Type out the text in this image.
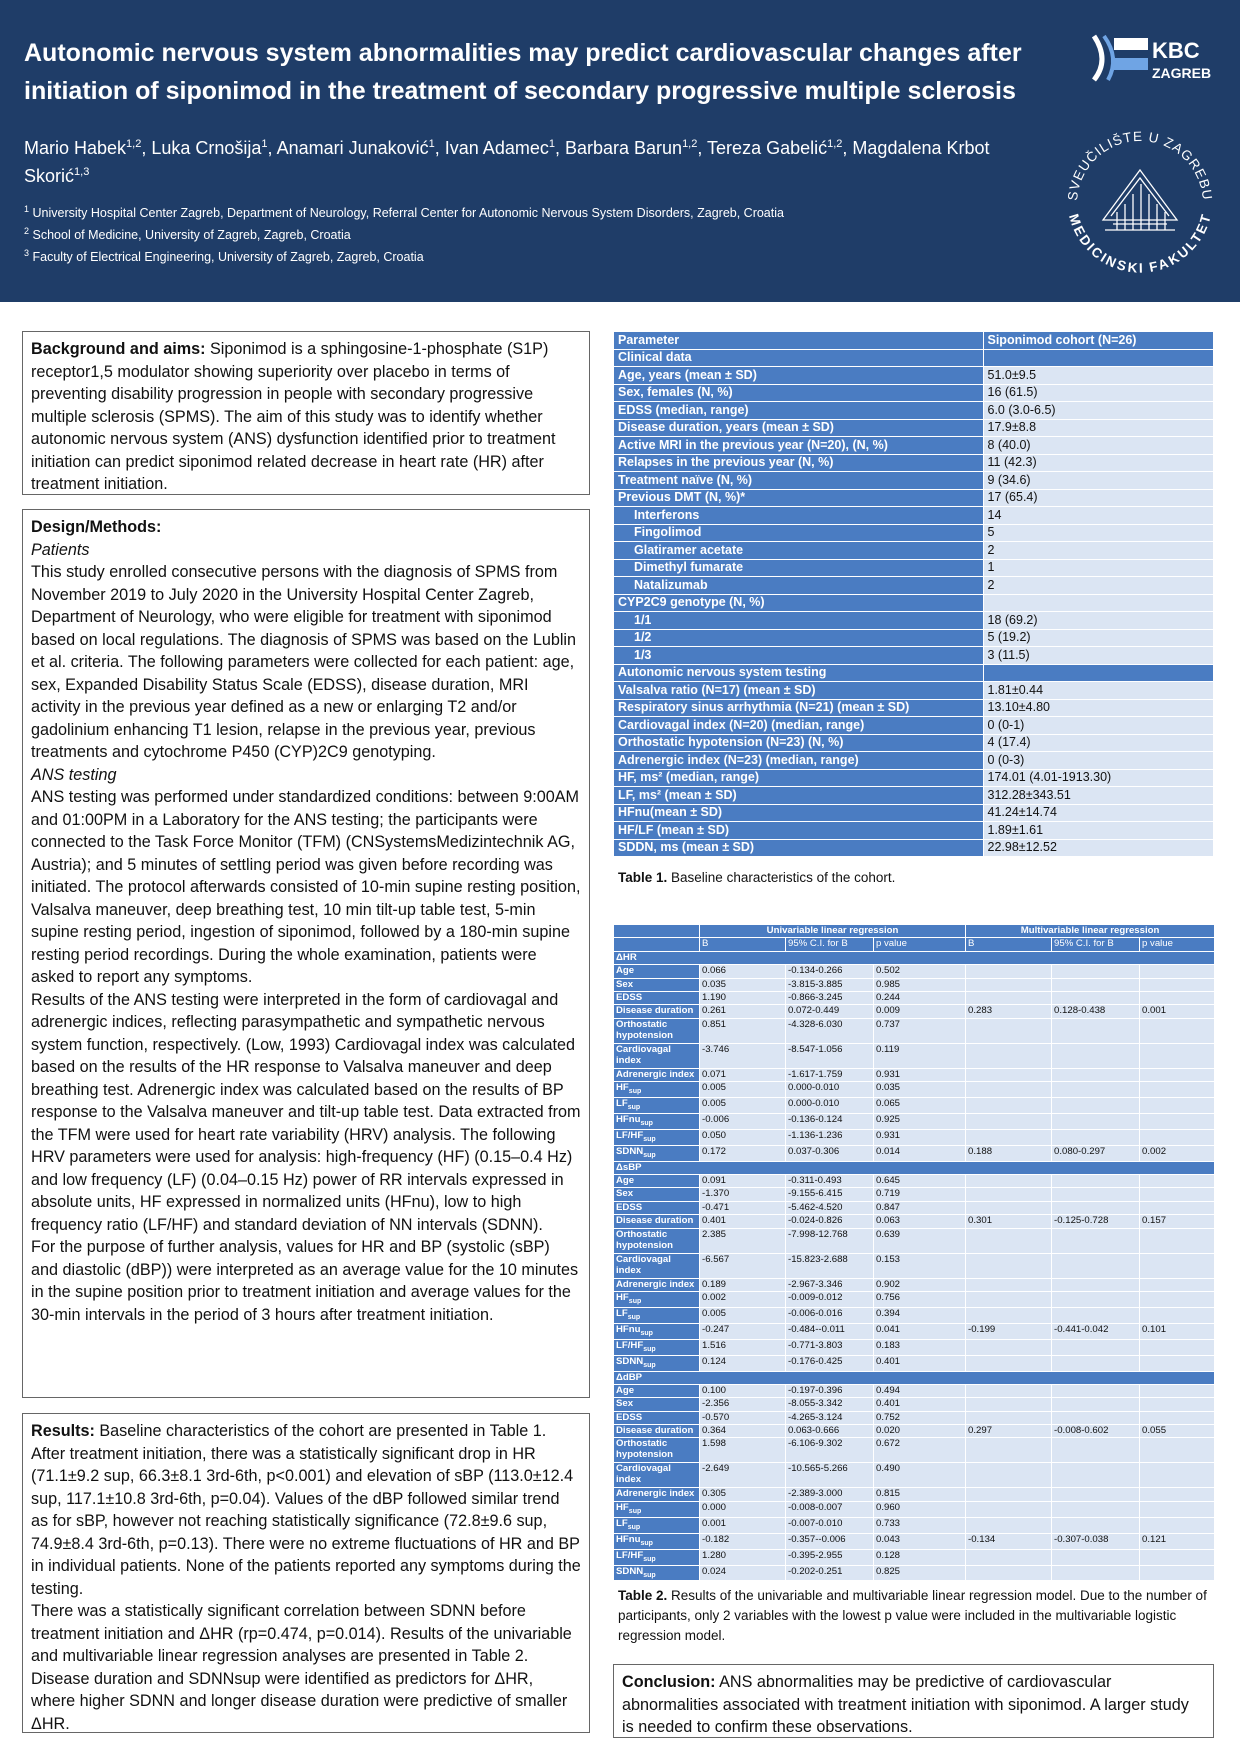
Autonomic nervous system abnormalities may predict cardiovascular changes after initiation of siponimod in the treatment of secondary progressive multiple sclerosis
Mario Habek$^{1,2}$, Luka Crnošija$^1$, Anamari Junaković$^1$, Ivan Adamec$^1$, Barbara Barun$^{1,2}$, Tereza Gabelić$^{1,2}$, Magdalena Krbot Skorić$^{1,3}$

$^1$ University Hospital Center Zagreb, Department of Neurology, Referral Center for Autonomic Nervous System Disorders, Zagreb, Croatia

$^2$ School of Medicine, University of Zagreb, Zagreb, Croatia

$^3$ Faculty of Electrical Engineering, University of Zagreb, Zagreb, Croatia

KBC
ZAGREB
SVEUČILIŠTE U ZAGREBU
MEDICINSKI FAKULTET

Background and aims: Siponimod is a sphingosine-1-phosphate (S1P) receptor1,5 modulator showing superiority over placebo in terms of preventing disability progression in people with secondary progressive multiple sclerosis (SPMS). The aim of this study was to identify whether autonomic nervous system (ANS) dysfunction identified prior to treatment initiation can predict siponimod related decrease in heart rate (HR) after treatment initiation.

Design/Methods:

Patients

This study enrolled consecutive persons with the diagnosis of SPMS from November 2019 to July 2020 in the University Hospital Center Zagreb, Department of Neurology, who were eligible for treatment with siponimod based on local regulations. The diagnosis of SPMS was based on the Lublin et al. criteria. The following parameters were collected for each patient: age, sex, Expanded Disability Status Scale (EDSS), disease duration, MRI activity in the previous year defined as a new or enlarging T2 and/or gadolinium enhancing T1 lesion, relapse in the previous year, previous treatments and cytochrome P450 (CYP)2C9 genotyping.

ANS testing

ANS testing was performed under standardized conditions: between 9:00AM and 01:00PM in a Laboratory for the ANS testing; the participants were connected to the Task Force Monitor (TFM) (CNSystemsMedizintechnik AG, Austria); and 5 minutes of settling period was given before recording was initiated. The protocol afterwards consisted of 10-min supine resting position, Valsalva maneuver, deep breathing test, 10 min tilt-up table test, 5-min supine resting period, ingestion of siponimod, followed by a 180-min supine resting period recordings. During the whole examination, patients were asked to report any symptoms.

Results of the ANS testing were interpreted in the form of cardiovagal and adrenergic indices, reflecting parasympathetic and sympathetic nervous system function, respectively. (Low, 1993) Cardiovagal index was calculated based on the results of the HR response to Valsalva maneuver and deep breathing test. Adrenergic index was calculated based on the results of BP response to the Valsalva maneuver and tilt-up table test. Data extracted from the TFM were used for heart rate variability (HRV) analysis. The following HRV parameters were used for analysis: high-frequency (HF) (0.15–0.4 Hz) and low frequency (LF) (0.04–0.15 Hz) power of RR intervals expressed in absolute units, HF expressed in normalized units (HFnu), low to high frequency ratio (LF/HF) and standard deviation of NN intervals (SDNN).

For the purpose of further analysis, values for HR and BP (systolic (sBP) and diastolic (dBP)) were interpreted as an average value for the 10 minutes in the supine position prior to treatment initiation and average values for the 30-min intervals in the period of 3 hours after treatment initiation.

Results: Baseline characteristics of the cohort are presented in Table 1. After treatment initiation, there was a statistically significant drop in HR (71.1±9.2 sup, 66.3±8.1 3rd-6th, p<0.001) and elevation of sBP (113.0±12.4 sup, 117.1±10.8 3rd-6th, p=0.04). Values of the dBP followed similar trend as for sBP, however not reaching statistically significance (72.8±9.6 sup, 74.9±8.4 3rd-6th, p=0.13). There were no extreme fluctuations of HR and BP in individual patients. None of the patients reported any symptoms during the testing.

There was a statistically significant correlation between SDNN before treatment initiation and ΔHR (rp=0.474, p=0.014). Results of the univariable and multivariable linear regression analyses are presented in Table 2. Disease duration and SDNNsup were identified as predictors for ΔHR, where higher SDNN and longer disease duration were predictive of smaller ΔHR.

Parameter	Siponimod cohort (N=26)
Clinical data	
Age, years (mean ± SD)	51.0±9.5
Sex, females (N, %)	16 (61.5)
EDSS (median, range)	6.0 (3.0-6.5)
Disease duration, years (mean ± SD)	17.9±8.8
Active MRI in the previous year (N=20), (N, %)	8 (40.0)
Relapses in the previous year (N, %)	11 (42.3)
Treatment naïve (N, %)	9 (34.6)
Previous DMT (N, %)*	17 (65.4)
Interferons	14
Fingolimod	5
Glatiramer acetate	2
Dimethyl fumarate	1
Natalizumab	2
CYP2C9 genotype (N, %)	
1/1	18 (69.2)
1/2	5 (19.2)
1/3	3 (11.5)
Autonomic nervous system testing	
Valsalva ratio (N=17) (mean ± SD)	1.81±0.44
Respiratory sinus arrhythmia (N=21) (mean ± SD)	13.10±4.80
Cardiovagal index (N=20) (median, range)	0 (0-1)
Orthostatic hypotension (N=23) (N, %)	4 (17.4)
Adrenergic index (N=23) (median, range)	0 (0-3)
HF, ms² (median, range)	174.01 (4.01-1913.30)
LF, ms² (mean ± SD)	312.28±343.51
HFnu(mean ± SD)	41.24±14.74
HF/LF (mean ± SD)	1.89±1.61
SDDN, ms (mean ± SD)	22.98±12.52
Table 1. Baseline characteristics of the cohort.
	Univariable linear regression			Multivariable linear regression		
	B	95% C.I. for B	p value	B	95% C.I. for B	p value
ΔHR						
Age	0.066	-0.134-0.266	0.502			
Sex	0.035	-3.815-3.885	0.985			
EDSS	1.190	-0.866-3.245	0.244			
Disease duration	0.261	0.072-0.449	0.009	0.283	0.128-0.438	0.001
Orthostatic hypotension	0.851	-4.328-6.030	0.737			
Cardiovagal index	-3.746	-8.547-1.056	0.119			
Adrenergic index	0.071	-1.617-1.759	0.931			
$HF_{sup}$	0.005	0.000-0.010	0.035			
$LF_{sup}$	0.005	0.000-0.010	0.065			
HFnu$_{sup}$	-0.006	-0.136-0.124	0.925			
$LF/HF_{sup}$	0.050	-1.136-1.236	0.931			
$SDNN_{sup}$	0.172	0.037-0.306	0.014	0.188	0.080-0.297	0.002
ΔsBP						
Age	0.091	-0.311-0.493	0.645			
Sex	-1.370	-9.155-6.415	0.719			
EDSS	-0.471	-5.462-4.520	0.847			
Disease duration	0.401	-0.024-0.826	0.063	0.301	-0.125-0.728	0.157
Orthostatic hypotension	2.385	-7.998-12.768	0.639			
Cardiovagal index	-6.567	-15.823-2.688	0.153			
Adrenergic index	0.189	-2.967-3.346	0.902			
$HF_{sup}$	0.002	-0.009-0.012	0.756			
$LF_{sup}$	0.005	-0.006-0.016	0.394			
HFnu$_{sup}$	-0.247	-0.484--0.011	0.041	-0.199	-0.441-0.042	0.101
$LF/HF_{sup}$	1.516	-0.771-3.803	0.183			
$SDNN_{sup}$	0.124	-0.176-0.425	0.401			
ΔdBP						
Age	0.100	-0.197-0.396	0.494			
Sex	-2.356	-8.055-3.342	0.401			
EDSS	-0.570	-4.265-3.124	0.752			
Disease duration	0.364	0.063-0.666	0.020	0.297	-0.008-0.602	0.055
Orthostatic hypotension	1.598	-6.106-9.302	0.672			
Cardiovagal index	-2.649	-10.565-5.266	0.490			
Adrenergic index	0.305	-2.389-3.000	0.815			
$HF_{sup}$	0.000	-0.008-0.007	0.960			
$LF_{sup}$	0.001	-0.007-0.010	0.733			
HFnu$_{sup}$	-0.182	-0.357--0.006	0.043	-0.134	-0.307-0.038	0.121
$LF/HF_{sup}$	1.280	-0.395-2.955	0.128			
$SDNN_{sup}$	0.024	-0.202-0.251	0.825			
Table 2. Results of the univariable and multivariable linear regression model. Due to the number of participants, only 2 variables with the lowest p value were included in the multivariable logistic regression model.

Conclusion: ANS abnormalities may be predictive of cardiovascular abnormalities associated with treatment initiation with siponimod. A larger study is needed to confirm these observations.
